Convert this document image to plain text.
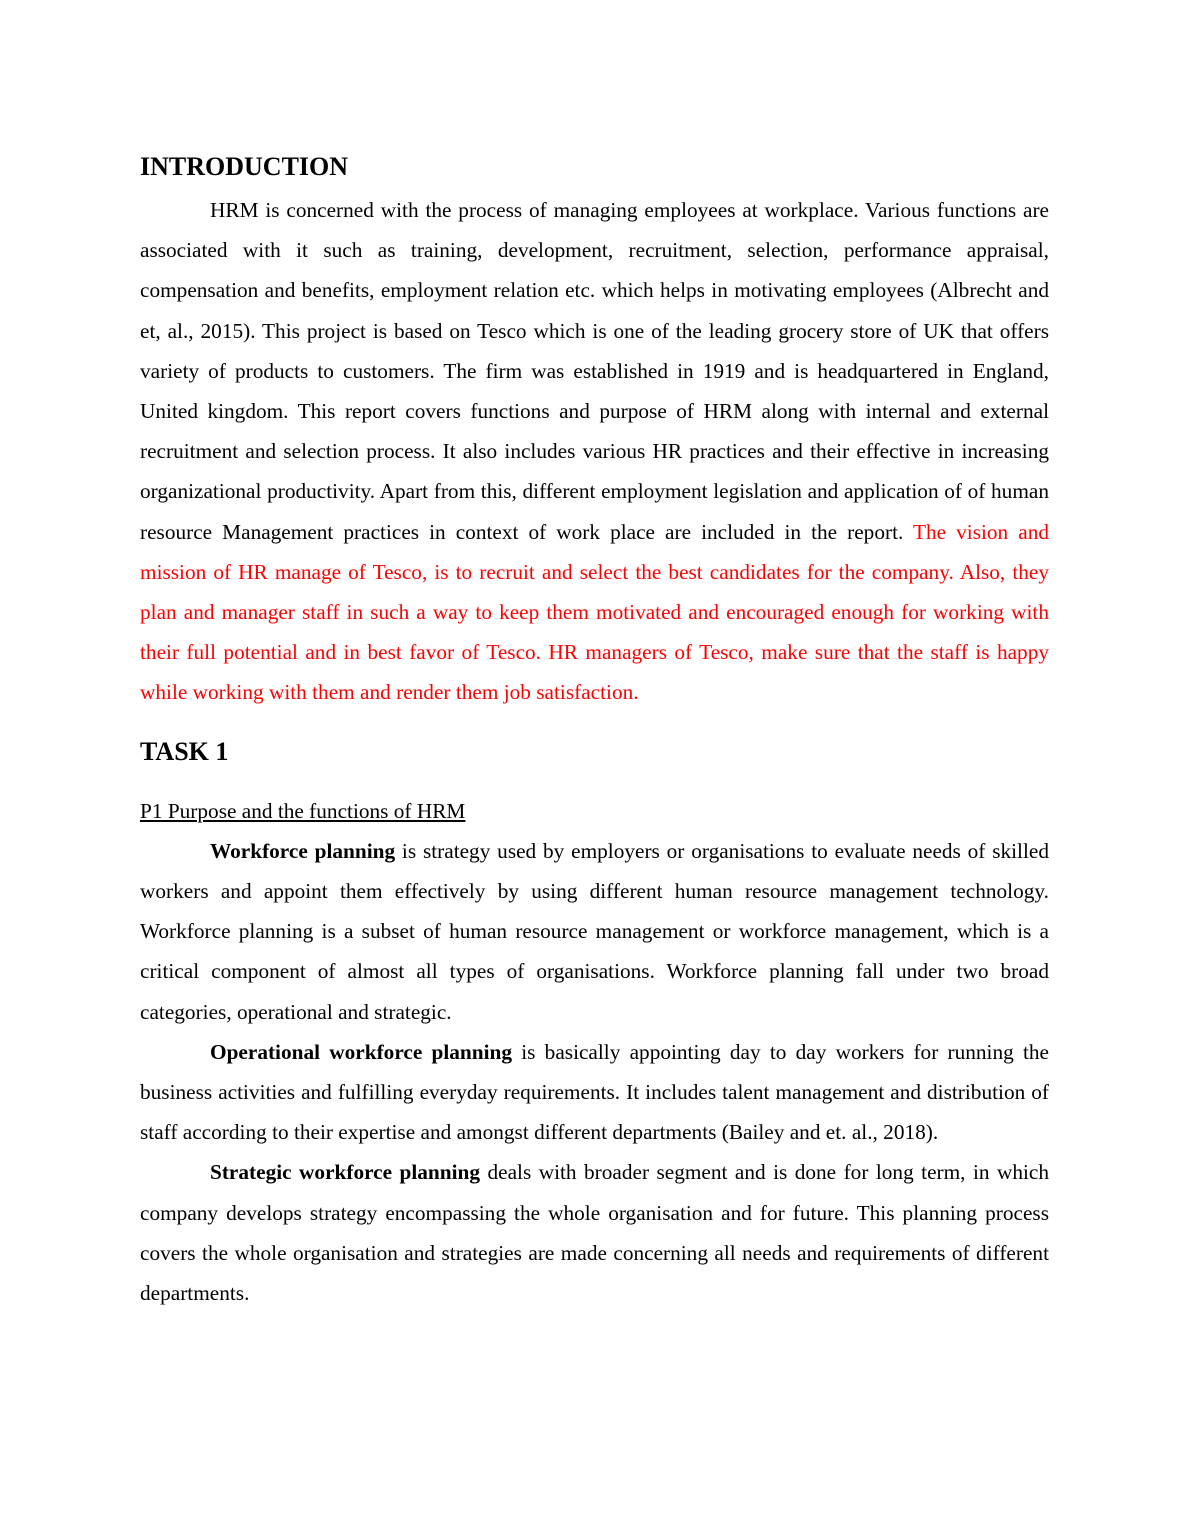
INTRODUCTION

HRM is concerned with the process of managing employees at workplace. Various functions are associated with it such as training, development, recruitment, selection, performance appraisal, compensation and benefits, employment relation etc. which helps in motivating employees (Albrecht and et, al., 2015). This project is based on Tesco which is one of the leading grocery store of UK that offers variety of products to customers. The firm was established in 1919 and is headquartered in England, United kingdom. This report covers functions and purpose of HRM along with internal and external recruitment and selection process. It also includes various HR practices and their effective in increasing organizational productivity. Apart from this, different employment legislation and application of of human resource Management practices in context of work place are included in the report. The vision and mission of HR manage of Tesco, is to recruit and select the best candidates for the company. Also, they plan and manager staff in such a way to keep them motivated and encouraged enough for working with their full potential and in best favor of Tesco. HR managers of Tesco, make sure that the staff is happy while working with them and render them job satisfaction.

TASK 1
P1 Purpose and the functions of HRM

Workforce planning is strategy used by employers or organisations to evaluate needs of skilled workers and appoint them effectively by using different human resource management technology. Workforce planning is a subset of human resource management or workforce management, which is a critical component of almost all types of organisations. Workforce planning fall under two broad categories, operational and strategic.

Operational workforce planning is basically appointing day to day workers for running the business activities and fulfilling everyday requirements. It includes talent management and distribution of staff according to their expertise and amongst different departments (Bailey and et. al., 2018).

Strategic workforce planning deals with broader segment and is done for long term, in which company develops strategy encompassing the whole organisation and for future. This planning process covers the whole organisation and strategies are made concerning all needs and requirements of different departments.
